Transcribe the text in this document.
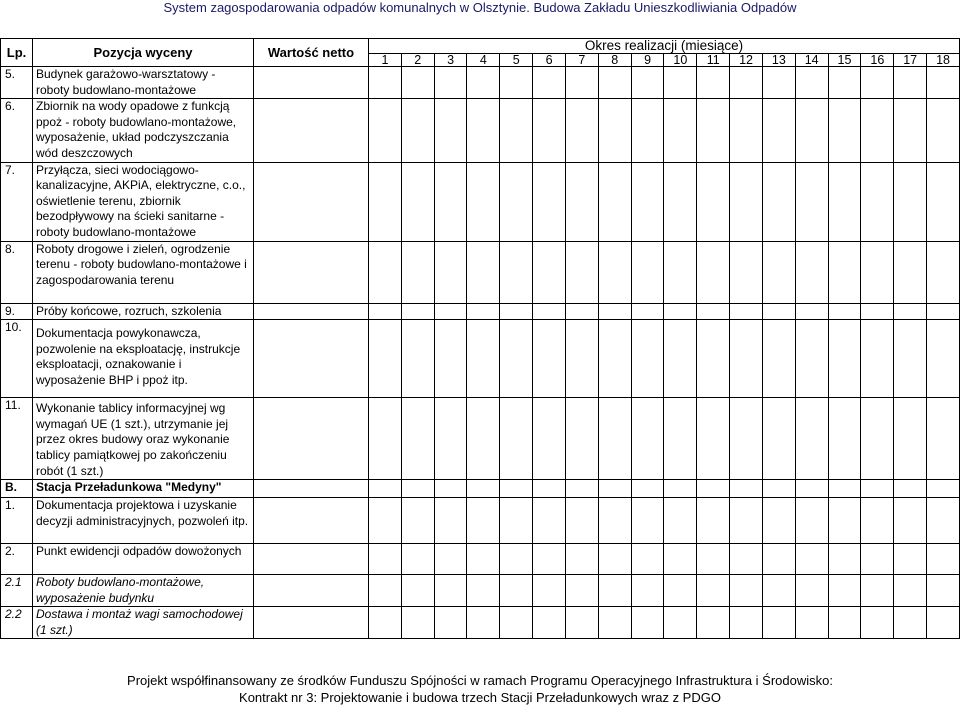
System zagospodarowania odpadów komunalnych w Olsztynie. Budowa Zakładu Unieszkodliwiania Odpadów
Lp.	Pozycja wyceny	Wartość netto	Okres realizacji (miesiące)																	
			1	2	3	4	5	6	7	8	9	10	11	12	13	14	15	16	17	18
5.	Budynek garażowo-warsztatowy - roboty budowlano-montażowe																			
6.	Zbiornik na wody opadowe z funkcją ppoż - roboty budowlano-montażowe, wyposażenie, układ podczyszczania wód deszczowych																			
7.	Przyłącza, sieci wodociągowo-kanalizacyjne, AKPiA, elektryczne, c.o., oświetlenie terenu, zbiornik bezodpływowy na ścieki sanitarne - roboty budowlano-montażowe																			
8.	Roboty drogowe i zieleń, ogrodzenie terenu - roboty budowlano-montażowe i zagospodarowania terenu																			
9.	Próby końcowe, rozruch, szkolenia																			
10.	Dokumentacja powykonawcza, pozwolenie na eksploatację, instrukcje eksploatacji, oznakowanie i wyposażenie BHP i ppoż itp.																			
11.	Wykonanie tablicy informacyjnej wg wymagań UE (1 szt.), utrzymanie jej przez okres budowy oraz wykonanie tablicy pamiątkowej po zakończeniu robót (1 szt.)																			
B.	Stacja Przeładunkowa "Medyny"																			
1.	Dokumentacja projektowa i uzyskanie decyzji administracyjnych, pozwoleń itp.																			
2.	Punkt ewidencji odpadów dowożonych																			
2.1	Roboty budowlano-montażowe, wyposażenie budynku																			
2.2	Dostawa i montaż wagi samochodowej (1 szt.)																			
Projekt współfinansowany ze środków Funduszu Spójności w ramach Programu Operacyjnego Infrastruktura i Środowisko:
Kontrakt nr 3: Projektowanie i budowa trzech Stacji Przeładunkowych wraz z PDGO
